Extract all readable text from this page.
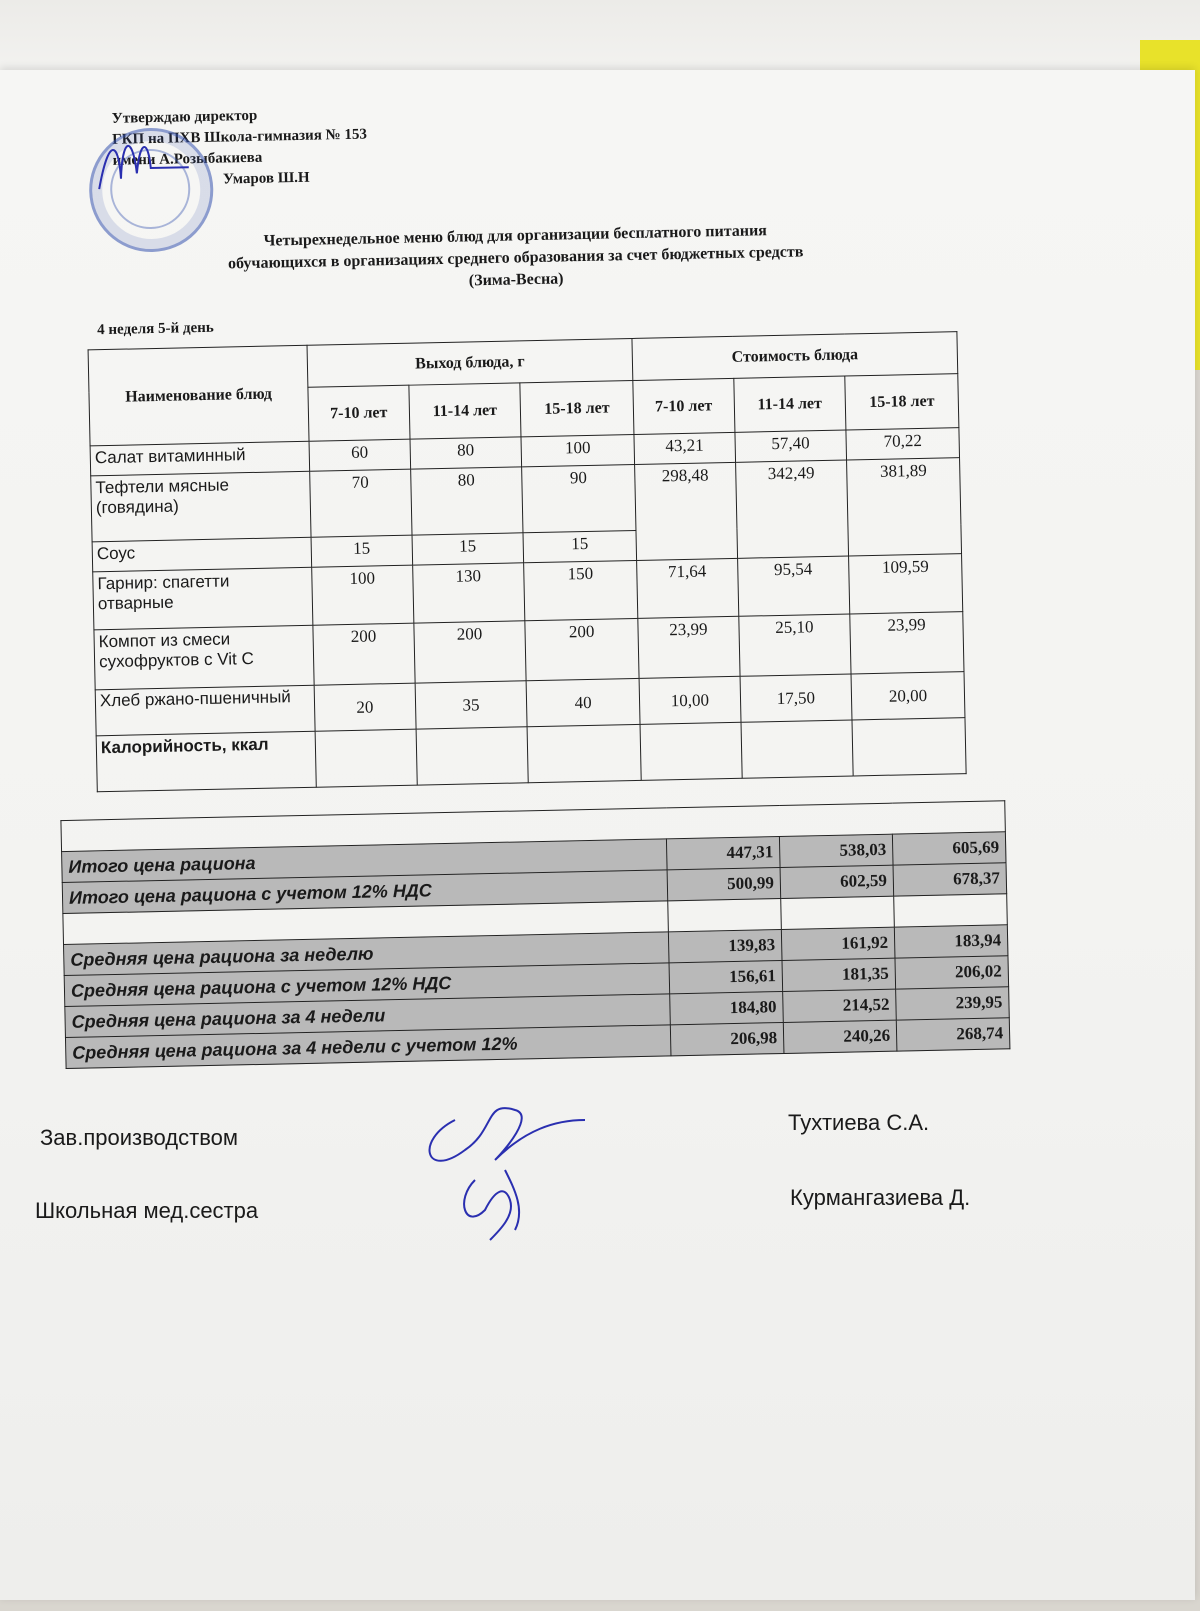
Утверждаю директор
ГКП на ПХВ Школа-гимназия № 153
имени А.Розыбакиева
Умаров Ш.Н
Четырехнедельное меню блюд для организации бесплатного питания
обучающихся в организациях среднего образования за счет бюджетных средств
(Зима-Весна)
4 неделя 5-й день
Наименование блюд	Выход блюда, г			Стоимость блюда		
	7-10 лет	11-14 лет	15-18 лет	7-10 лет	11-14 лет	15-18 лет
Салат витаминный	60	80	100	43,21	57,40	70,22
Тефтели мясные (говядина)	70	80	90	298,48	342,49	381,89
Соус	15	15	15			
Гарнир: спагетти отварные	100	130	150	71,64	95,54	109,59
Компот из смеси сухофруктов с Vit C	200	200	200	23,99	25,10	23,99
Хлеб ржано-пшеничный	20	35	40	10,00	17,50	20,00
Калорийность, ккал						

Итого цена рациона	447,31	538,03	605,69
Итого цена рациона с учетом 12% НДС	500,99	602,59	678,37

Средняя цена рациона за неделю	139,83	161,92	183,94
Средняя цена рациона с учетом 12% НДС	156,61	181,35	206,02
Средняя цена рациона за 4 недели	184,80	214,52	239,95
Средняя цена рациона за 4 недели с учетом 12%	206,98	240,26	268,74
Зав.производством
Тухтиева С.А.
Школьная мед.сестра
Курмангазиева Д.
